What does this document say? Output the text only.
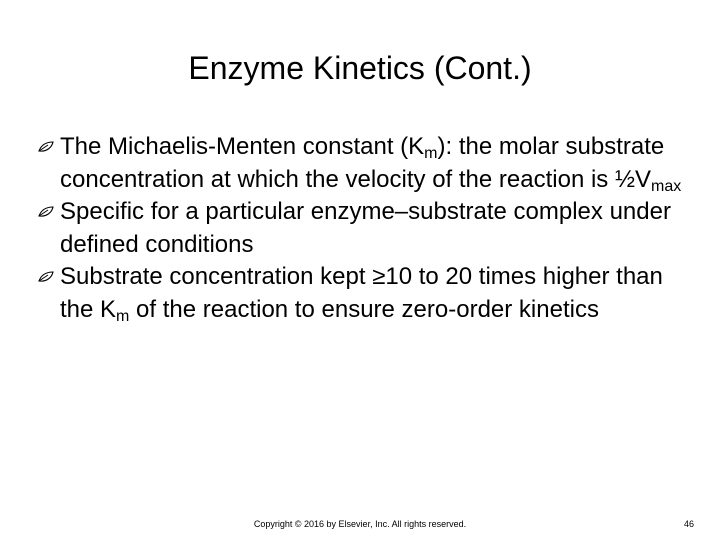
Enzyme Kinetics (Cont.)
The Michaelis-Menten constant $(K_m)$: the molar substrate concentration at which the velocity of the reaction is $\frac{1}{2}V_{max}$
Specific for a particular enzyme–substrate complex under defined conditions
Substrate concentration kept ≥10 to 20 times higher than the $K_m$ of the reaction to ensure zero-order kinetics
Copyright © 2016 by Elsevier, Inc. All rights reserved.	46
